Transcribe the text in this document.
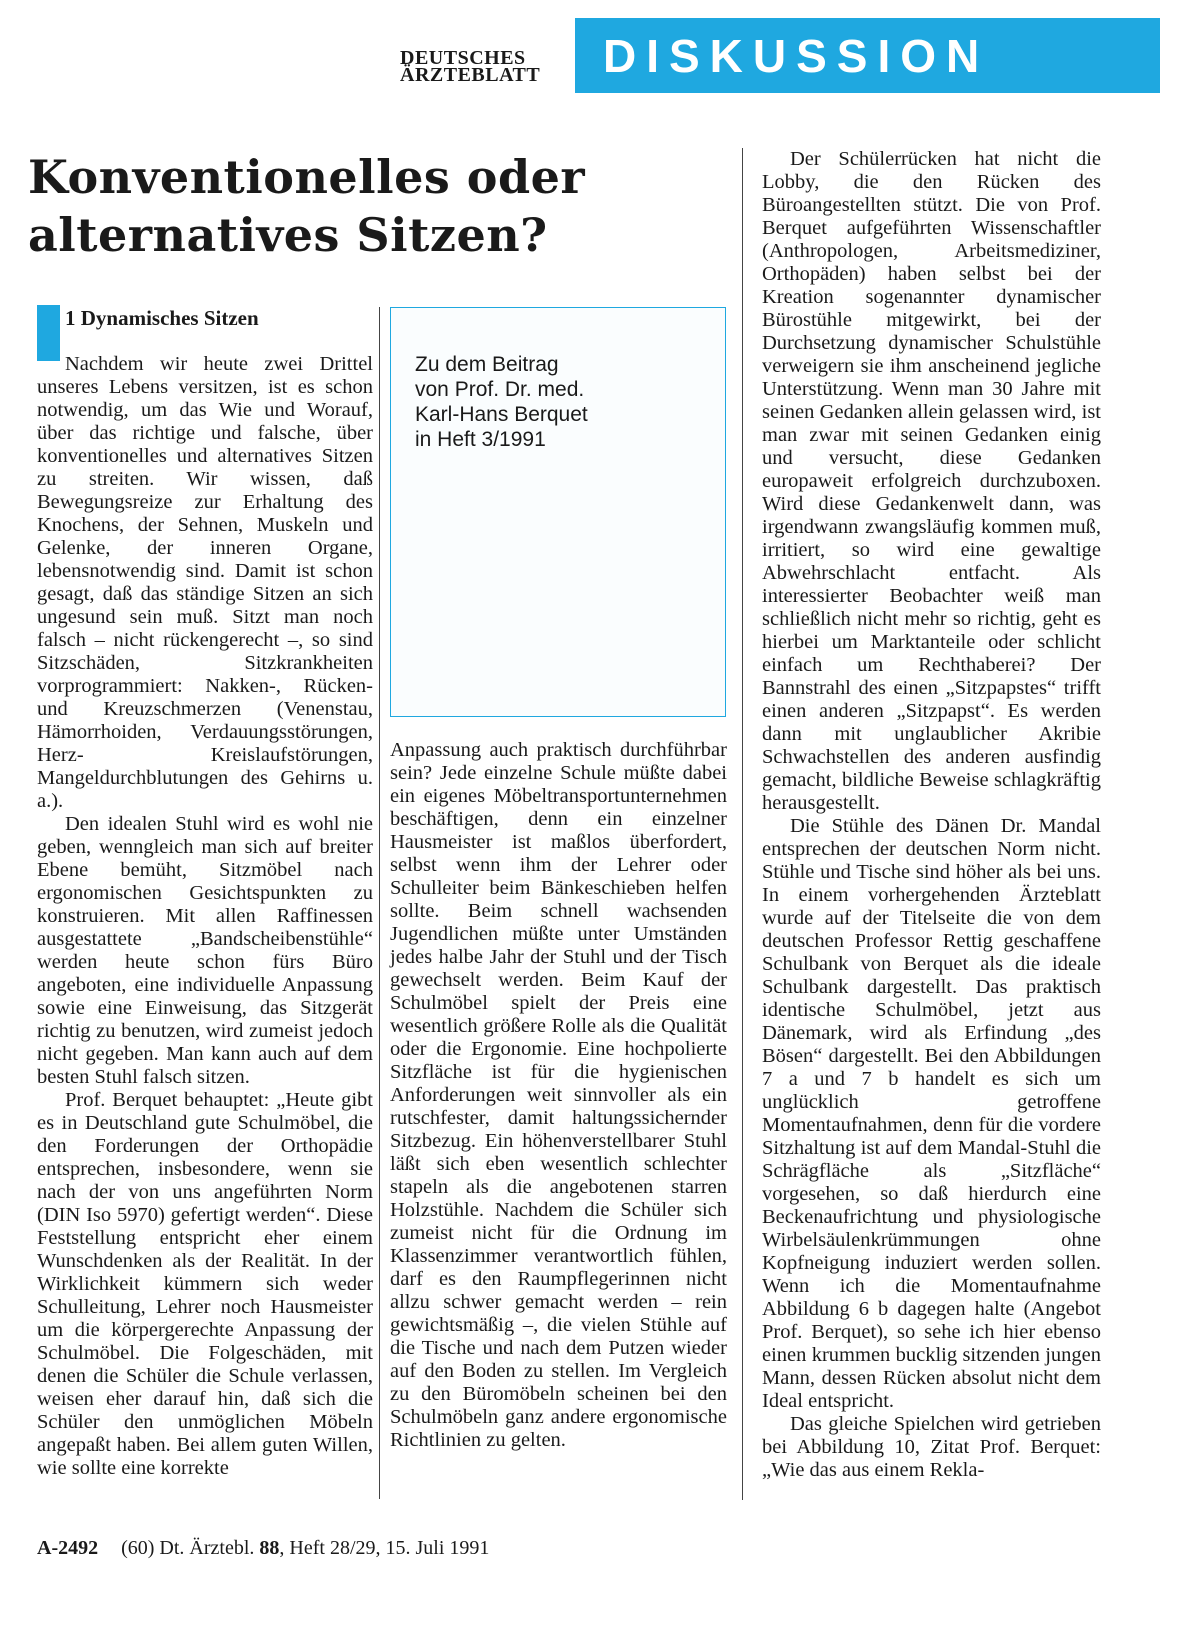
DEUTSCHES
ÄRZTEBLATT DISKUSSION
Konventionelles oder
alternatives Sitzen?
1 Dynamisches Sitzen

Nachdem wir heute zwei Drittel unseres Lebens versitzen, ist es schon notwendig, um das Wie und Worauf, über das richtige und falsche, über konventionelles und alternatives Sitzen zu streiten. Wir wissen, daß Bewegungsreize zur Erhaltung des Knochens, der Sehnen, Muskeln und Gelenke, der inneren Organe, lebensnotwendig sind. Damit ist schon gesagt, daß das ständige Sitzen an sich ungesund sein muß. Sitzt man noch falsch – nicht rückengerecht –, so sind Sitzschäden, Sitzkrankheiten vorprogrammiert: Nakken-, Rücken- und Kreuzschmerzen (Venenstau, Hämorrhoiden, Verdauungsstörungen, Herz- Kreislaufstörungen, Mangeldurchblutungen des Gehirns u. a.).

Den idealen Stuhl wird es wohl nie geben, wenngleich man sich auf breiter Ebene bemüht, Sitzmöbel nach ergonomischen Gesichtspunkten zu konstruieren. Mit allen Raffinessen ausgestattete „Bandscheibenstühle“ werden heute schon fürs Büro angeboten, eine individuelle Anpassung sowie eine Einweisung, das Sitzgerät richtig zu benutzen, wird zumeist jedoch nicht gegeben. Man kann auch auf dem besten Stuhl falsch sitzen.

Prof. Berquet behauptet: „Heute gibt es in Deutschland gute Schulmöbel, die den Forderungen der Orthopädie entsprechen, insbesondere, wenn sie nach der von uns angeführten Norm (DIN Iso 5970) gefertigt werden“. Diese Feststellung entspricht eher einem Wunschdenken als der Realität. In der Wirklichkeit kümmern sich weder Schulleitung, Lehrer noch Hausmeister um die körpergerechte Anpassung der Schulmöbel. Die Folgeschäden, mit denen die Schüler die Schule verlassen, weisen eher darauf hin, daß sich die Schüler den unmöglichen Möbeln angepaßt haben. Bei allem guten Willen, wie sollte eine korrekte

Zu dem Beitrag
von Prof. Dr. med.
Karl-Hans Berquet
in Heft 3/1991

Anpassung auch praktisch durchführbar sein? Jede einzelne Schule müßte dabei ein eigenes Möbeltransportunternehmen beschäftigen, denn ein einzelner Hausmeister ist maßlos überfordert, selbst wenn ihm der Lehrer oder Schulleiter beim Bänkeschieben helfen sollte. Beim schnell wachsenden Jugendlichen müßte unter Umständen jedes halbe Jahr der Stuhl und der Tisch gewechselt werden. Beim Kauf der Schulmöbel spielt der Preis eine wesentlich größere Rolle als die Qualität oder die Ergonomie. Eine hochpolierte Sitzfläche ist für die hygienischen Anforderungen weit sinnvoller als ein rutschfester, damit haltungssichernder Sitzbezug. Ein höhenverstellbarer Stuhl läßt sich eben wesentlich schlechter stapeln als die angebotenen starren Holzstühle. Nachdem die Schüler sich zumeist nicht für die Ordnung im Klassenzimmer verantwortlich fühlen, darf es den Raumpflegerinnen nicht allzu schwer gemacht werden – rein gewichtsmäßig –, die vielen Stühle auf die Tische und nach dem Putzen wieder auf den Boden zu stellen. Im Vergleich zu den Büromöbeln scheinen bei den Schulmöbeln ganz andere ergonomische Richtlinien zu gelten.

Der Schülerrücken hat nicht die Lobby, die den Rücken des Büroangestellten stützt. Die von Prof. Berquet aufgeführten Wissenschaftler (Anthropologen, Arbeitsmediziner, Orthopäden) haben selbst bei der Kreation sogenannter dynamischer Bürostühle mitgewirkt, bei der Durchsetzung dynamischer Schulstühle verweigern sie ihm anscheinend jegliche Unterstützung. Wenn man 30 Jahre mit seinen Gedanken allein gelassen wird, ist man zwar mit seinen Gedanken einig und versucht, diese Gedanken europaweit erfolgreich durchzuboxen. Wird diese Gedankenwelt dann, was irgendwann zwangsläufig kommen muß, irritiert, so wird eine gewaltige Abwehrschlacht entfacht. Als interessierter Beobachter weiß man schließlich nicht mehr so richtig, geht es hierbei um Marktanteile oder schlicht einfach um Rechthaberei? Der Bannstrahl des einen „Sitzpapstes“ trifft einen anderen „Sitzpapst“. Es werden dann mit unglaublicher Akribie Schwachstellen des anderen ausfindig gemacht, bildliche Beweise schlagkräftig herausgestellt.

Die Stühle des Dänen Dr. Mandal entsprechen der deutschen Norm nicht. Stühle und Tische sind höher als bei uns. In einem vorhergehenden Ärzteblatt wurde auf der Titelseite die von dem deutschen Professor Rettig geschaffene Schulbank von Berquet als die ideale Schulbank dargestellt. Das praktisch identische Schulmöbel, jetzt aus Dänemark, wird als Erfindung „des Bösen“ dargestellt. Bei den Abbildungen 7 a und 7 b handelt es sich um unglücklich getroffene Momentaufnahmen, denn für die vordere Sitzhaltung ist auf dem Mandal-Stuhl die Schrägfläche als „Sitzfläche“ vorgesehen, so daß hierdurch eine Beckenaufrichtung und physiologische Wirbelsäulenkrümmungen ohne Kopfneigung induziert werden sollen. Wenn ich die Momentaufnahme Abbildung 6 b dagegen halte (Angebot Prof. Berquet), so sehe ich hier ebenso einen krummen bucklig sitzenden jungen Mann, dessen Rücken absolut nicht dem Ideal entspricht.

Das gleiche Spielchen wird getrieben bei Abbildung 10, Zitat Prof. Berquet: „Wie das aus einem Rekla-

A-2492 (60) Dt. Ärztebl. 88, Heft 28/29, 15. Juli 1991
